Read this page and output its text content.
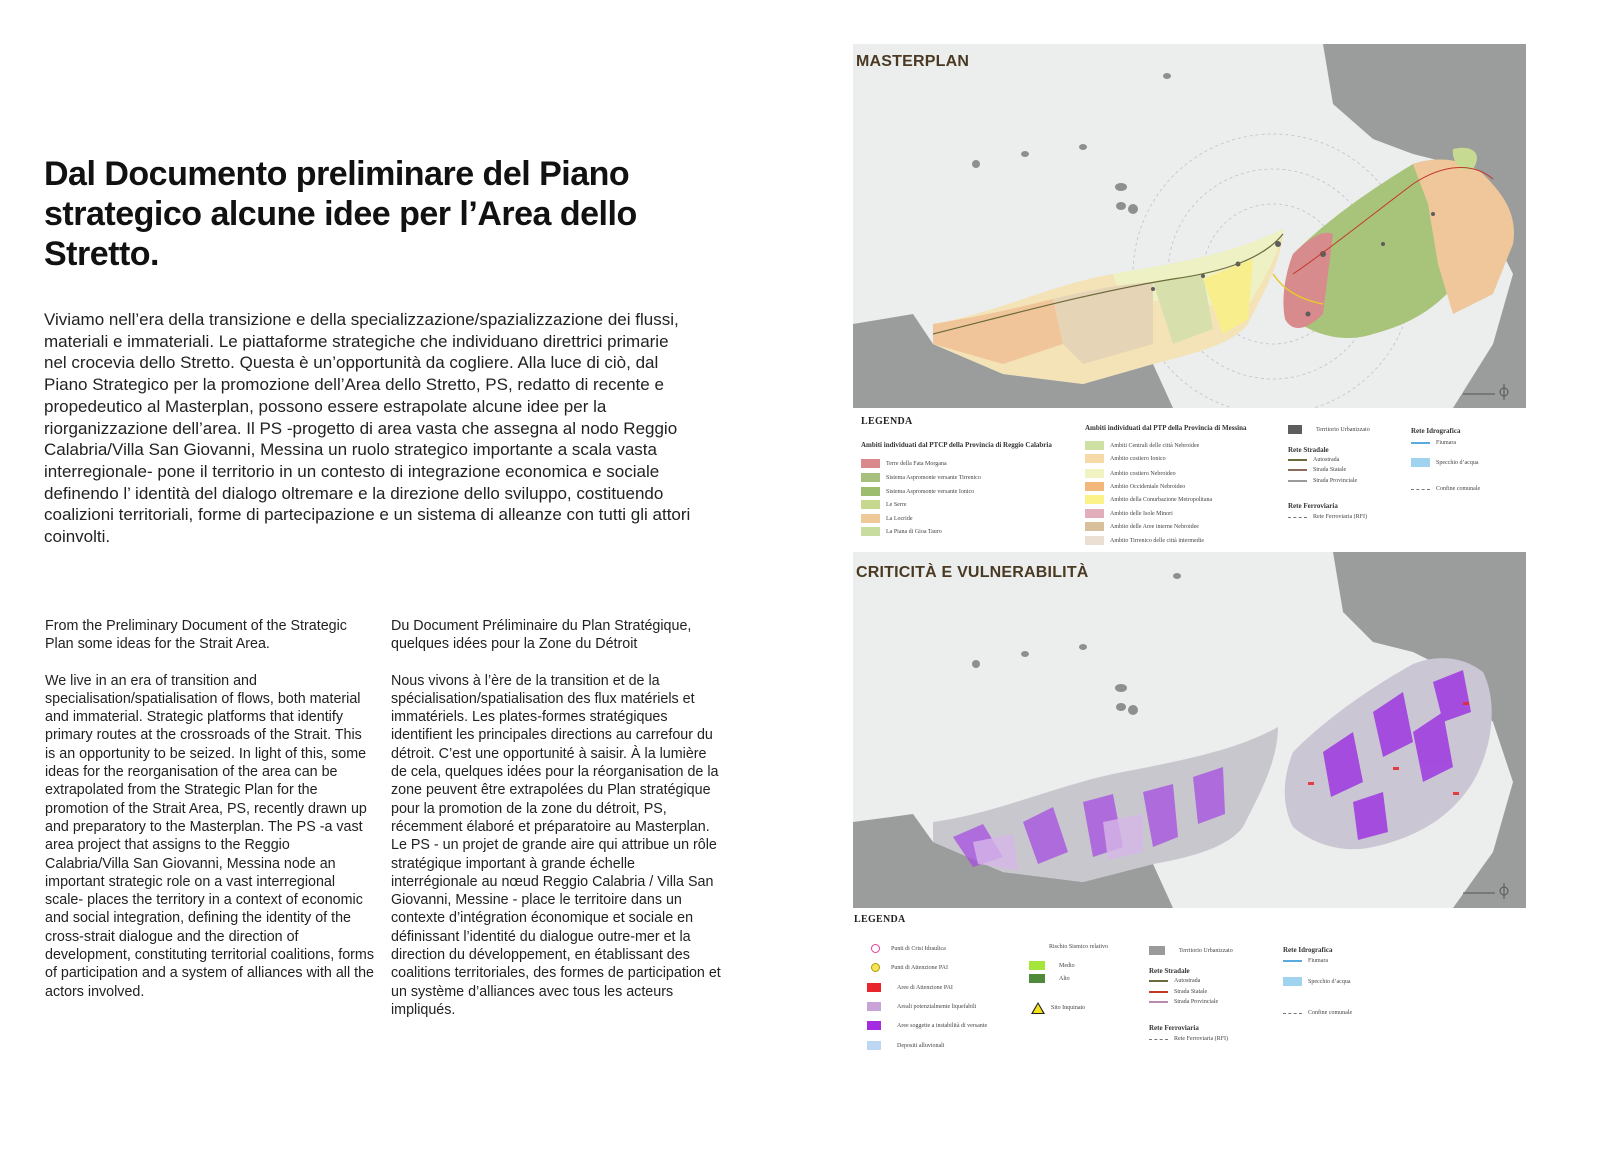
Dal Documento preliminare del Piano strategico alcune idee per l’Area dello Stretto.

Viviamo nell’era della transizione e della specializzazione/spazializzazione dei flussi, materiali e immateriali. Le piattaforme strategiche che individuano direttrici primarie nel crocevia dello Stretto. Questa è un’opportunità da cogliere. Alla luce di ciò, dal Piano Strategico per la promozione dell’Area dello Stretto, PS, redatto di recente e propedeutico al Masterplan, possono essere estrapolate alcune idee per la riorganizzazione dell’area. Il PS -progetto di area vasta che assegna al nodo Reggio Calabria/Villa San Giovanni, Messina un ruolo strategico importante a scala vasta interregionale- pone il territorio in un contesto di integrazione economica e sociale definendo l’ identità del dialogo oltremare e la direzione dello sviluppo, costituendo coalizioni territoriali, forme di partecipazione e un sistema di alleanze con tutti gli attori coinvolti.

From the Preliminary Document of the Strategic Plan some ideas for the Strait Area.

We live in an era of transition and specialisation/spatialisation of flows, both material and immaterial. Strategic platforms that identify primary routes at the crossroads of the Strait. This is an opportunity to be seized. In light of this, some ideas for the reorganisation of the area can be extrapolated from the Strategic Plan for the promotion of the Strait Area, PS, recently drawn up and preparatory to the Masterplan. The PS -a vast area project that assigns to the Reggio Calabria/Villa San Giovanni, Messina node an important strategic role on a vast interregional scale- places the territory in a context of economic and social integration, defining the identity of the cross-strait dialogue and the direction of development, constituting territorial coalitions, forms of participation and a system of alliances with all the actors involved.

Du Document Préliminaire du Plan Stratégique, quelques idées pour la Zone du Détroit

Nous vivons à l’ère de la transition et de la spécialisation/spatialisation des flux matériels et immatériels. Les plates-formes stratégiques identifient les principales directions au carrefour du détroit. C’est une opportunité à saisir. À la lumière de cela, quelques idées pour la réorganisation de la zone peuvent être extrapolées du Plan stratégique pour la promotion de la zone du détroit, PS, récemment élaboré et préparatoire au Masterplan. Le PS - un projet de grande aire qui attribue un rôle stratégique important à grande échelle interrégionale au nœud Reggio Calabria / Villa San Giovanni, Messine - place le territoire dans un contexte d’intégration économique et sociale en définissant l’identité du dialogue outre-mer et la direction du développement, en établissant des coalitions territoriales, des formes de participation et un système d’alliances avec tous les acteurs impliqués.

MASTERPLAN
LEGENDA
Ambiti individuati dal PTCP della Provincia di Reggio Calabria
Terre della Fata Morgana
Sistema Aspromonte versante Tirrenico
Sistema Aspromonte versante Ionico
Le Serre
La Locride
La Piana di Gioa Tauro
Ambiti individuati dal PTP della Provincia di Messina
Ambiti Centrali delle città Nebroidee
Ambito costiero Ionico
Ambito costiero Nebroideo
Ambito Occidentale Nebroideo
Ambito della Conurbazione Metropolitana
Ambito delle Isole Minori
Ambito delle Aree interne Nebroidee
Ambito Tirrenico delle città intermedie
Territorio Urbanizzato
Rete Stradale
Autostrada
Strada Statale
Strada Provinciale
Rete Ferroviaria
Rete Ferroviaria (RFI)
Rete Idrografica
Fiumara
Specchio d’acqua
Confine comunale
CRITICITÀ E VULNERABILITÀ
LEGENDA
Punti di Crisi Idraulica
Punti di Attenzione PAI
Aree di Attenzione PAI
Areali potenzialmente liquefabili
Aree soggette a instabilità di versante
Depositi alluvionali
Rischio Sismico relativo
Medio
Alto
Sito Inquinato
Territorio Urbanizzato
Rete Stradale
Autostrada
Strada Statale
Strada Provinciale
Rete Ferroviaria
Rete Ferroviaria (RFI)
Rete Idrografica
Fiumara
Specchio d’acqua
Confine comunale
